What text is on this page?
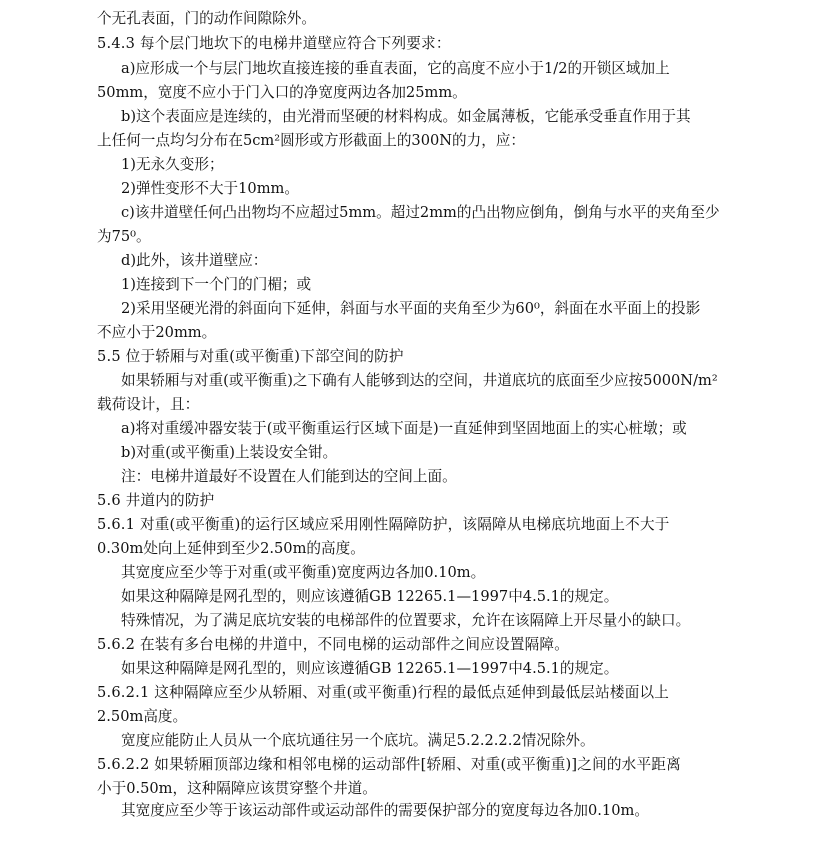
个无孔表面，门的动作间隙除外。
5.4.3 每个层门地坎下的电梯井道壁应符合下列要求：
a)应形成一个与层门地坎直接连接的垂直表面，它的高度不应小于1/2的开锁区域加上
50mm，宽度不应小于门入口的净宽度两边各加25mm。
b)这个表面应是连续的，由光滑而坚硬的材料构成。如金属薄板，它能承受垂直作用于其
上任何一点均匀分布在5cm²圆形或方形截面上的300N的力，应：
1)无永久变形；
2)弹性变形不大于10mm。
c)该井道壁任何凸出物均不应超过5mm。超过2mm的凸出物应倒角，倒角与水平的夹角至少
为75⁰。
d)此外，该井道壁应：
1)连接到下一个门的门楣；或
2)采用坚硬光滑的斜面向下延伸，斜面与水平面的夹角至少为60⁰，斜面在水平面上的投影
不应小于20mm。
5.5 位于轿厢与对重(或平衡重)下部空间的防护
如果轿厢与对重(或平衡重)之下确有人能够到达的空间，井道底坑的底面至少应按5000N/m²
载荷设计，且：
a)将对重缓冲器安装于(或平衡重运行区域下面是)一直延伸到坚固地面上的实心桩墩；或
b)对重(或平衡重)上装设安全钳。
注：电梯井道最好不设置在人们能到达的空间上面。
5.6 井道内的防护
5.6.1 对重(或平衡重)的运行区域应采用刚性隔障防护，该隔障从电梯底坑地面上不大于
0.30m处向上延伸到至少2.50m的高度。
其宽度应至少等于对重(或平衡重)宽度两边各加0.10m。
如果这种隔障是网孔型的，则应该遵循GB 12265.1—1997中4.5.1的规定。
特殊情况，为了满足底坑安装的电梯部件的位置要求，允许在该隔障上开尽量小的缺口。
5.6.2 在装有多台电梯的井道中，不同电梯的运动部件之间应设置隔障。
如果这种隔障是网孔型的，则应该遵循GB 12265.1—1997中4.5.1的规定。
5.6.2.1 这种隔障应至少从轿厢、对重(或平衡重)行程的最低点延伸到最低层站楼面以上
2.50m高度。
宽度应能防止人员从一个底坑通往另一个底坑。满足5.2.2.2.2情况除外。
5.6.2.2 如果轿厢顶部边缘和相邻电梯的运动部件[轿厢、对重(或平衡重)]之间的水平距离
小于0.50m，这种隔障应该贯穿整个井道。
其宽度应至少等于该运动部件或运动部件的需要保护部分的宽度每边各加0.10m。
